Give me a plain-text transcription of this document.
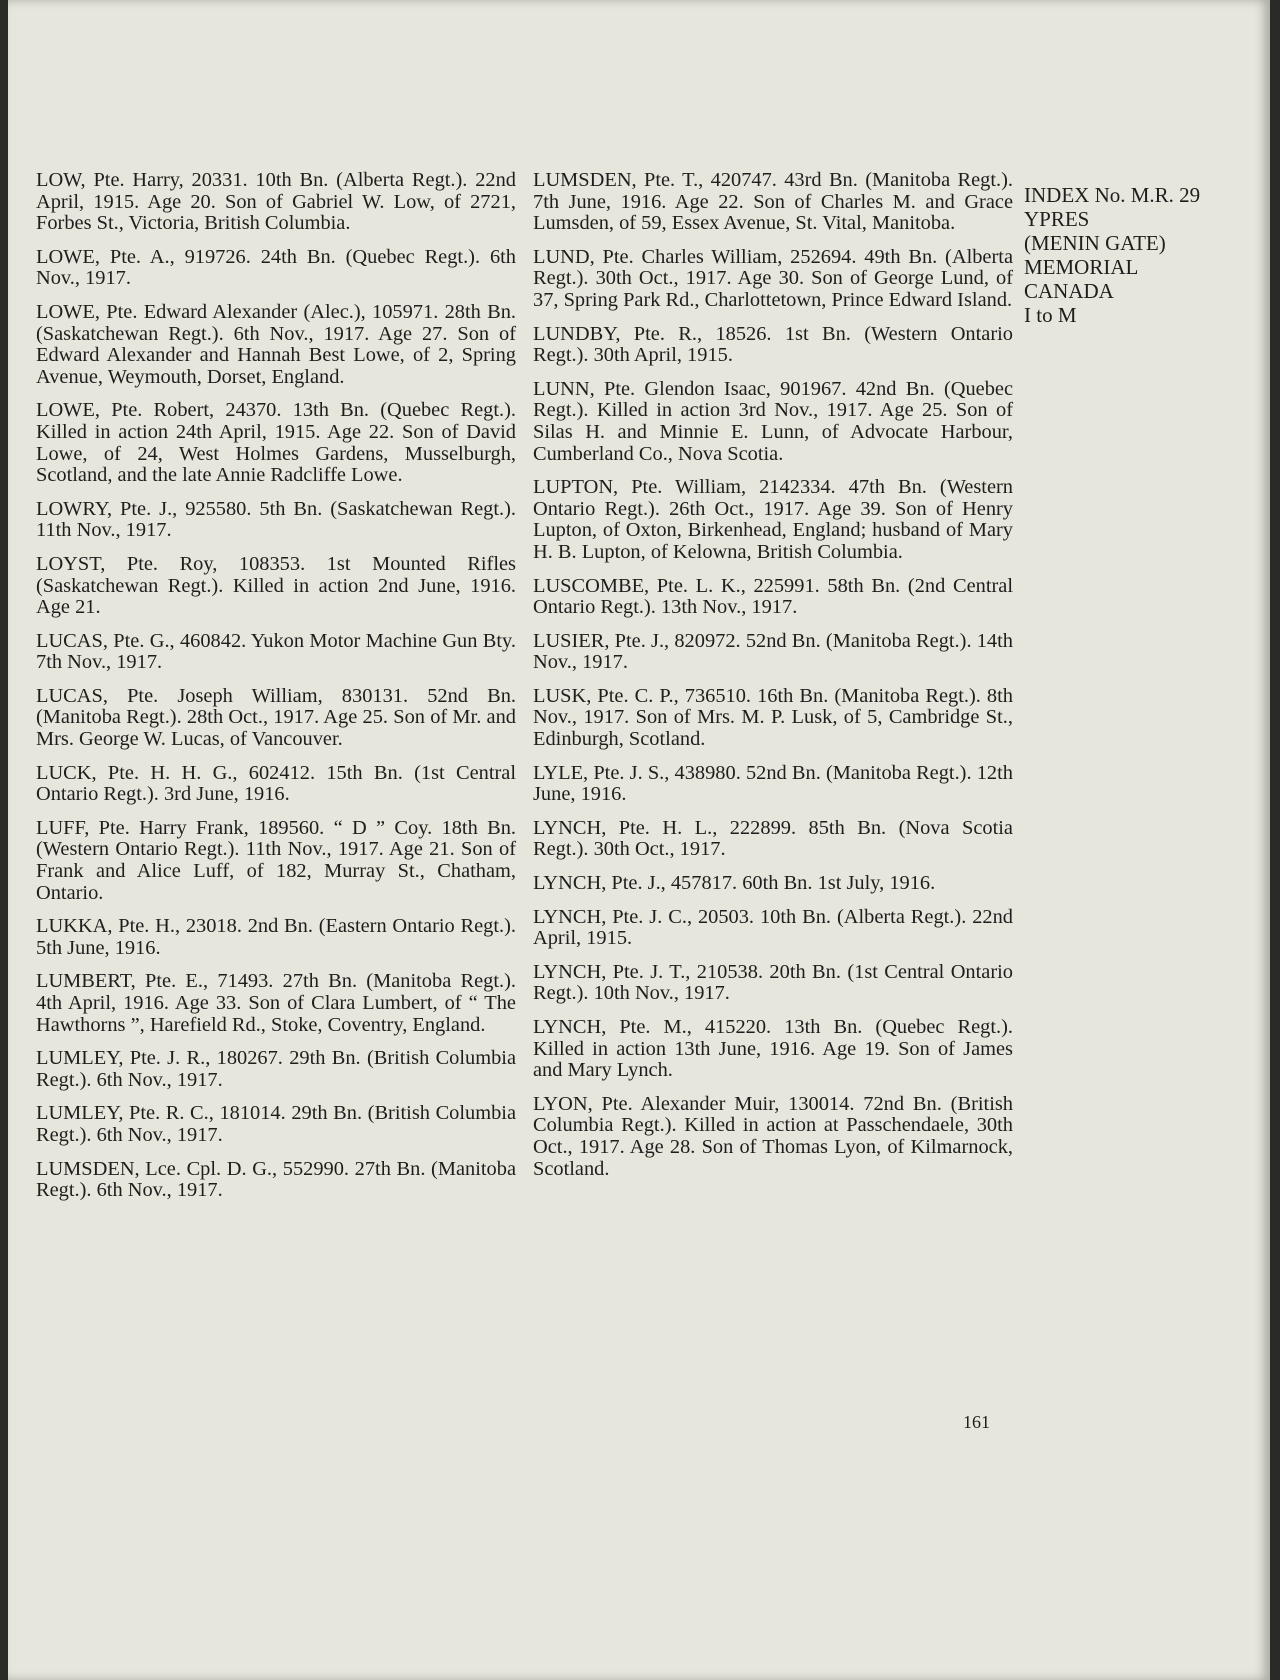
LOW, Pte. Harry, 20331. 10th Bn. (Alberta Regt.). 22nd April, 1915. Age 20. Son of Gabriel W. Low, of 2721, Forbes St., Victoria, British Columbia.

LOWE, Pte. A., 919726. 24th Bn. (Quebec Regt.). 6th Nov., 1917.

LOWE, Pte. Edward Alexander (Alec.), 105971. 28th Bn. (Saskatchewan Regt.). 6th Nov., 1917. Age 27. Son of Edward Alexander and Hannah Best Lowe, of 2, Spring Avenue, Weymouth, Dorset, England.

LOWE, Pte. Robert, 24370. 13th Bn. (Quebec Regt.). Killed in action 24th April, 1915. Age 22. Son of David Lowe, of 24, West Holmes Gardens, Musselburgh, Scotland, and the late Annie Radcliffe Lowe.

LOWRY, Pte. J., 925580. 5th Bn. (Saskatchewan Regt.). 11th Nov., 1917.

LOYST, Pte. Roy, 108353. 1st Mounted Rifles (Saskatchewan Regt.). Killed in action 2nd June, 1916. Age 21.

LUCAS, Pte. G., 460842. Yukon Motor Machine Gun Bty. 7th Nov., 1917.

LUCAS, Pte. Joseph William, 830131. 52nd Bn. (Manitoba Regt.). 28th Oct., 1917. Age 25. Son of Mr. and Mrs. George W. Lucas, of Vancouver.

LUCK, Pte. H. H. G., 602412. 15th Bn. (1st Central Ontario Regt.). 3rd June, 1916.

LUFF, Pte. Harry Frank, 189560. “ D ” Coy. 18th Bn. (Western Ontario Regt.). 11th Nov., 1917. Age 21. Son of Frank and Alice Luff, of 182, Murray St., Chatham, Ontario.

LUKKA, Pte. H., 23018. 2nd Bn. (Eastern Ontario Regt.). 5th June, 1916.

LUMBERT, Pte. E., 71493. 27th Bn. (Manitoba Regt.). 4th April, 1916. Age 33. Son of Clara Lumbert, of “ The Hawthorns ”, Harefield Rd., Stoke, Coventry, England.

LUMLEY, Pte. J. R., 180267. 29th Bn. (British Columbia Regt.). 6th Nov., 1917.

LUMLEY, Pte. R. C., 181014. 29th Bn. (British Columbia Regt.). 6th Nov., 1917.

LUMSDEN, Lce. Cpl. D. G., 552990. 27th Bn. (Manitoba Regt.). 6th Nov., 1917.

LUMSDEN, Pte. T., 420747. 43rd Bn. (Manitoba Regt.). 7th June, 1916. Age 22. Son of Charles M. and Grace Lumsden, of 59, Essex Avenue, St. Vital, Manitoba.

LUND, Pte. Charles William, 252694. 49th Bn. (Alberta Regt.). 30th Oct., 1917. Age 30. Son of George Lund, of 37, Spring Park Rd., Charlottetown, Prince Edward Island.

LUNDBY, Pte. R., 18526. 1st Bn. (Western Ontario Regt.). 30th April, 1915.

LUNN, Pte. Glendon Isaac, 901967. 42nd Bn. (Quebec Regt.). Killed in action 3rd Nov., 1917. Age 25. Son of Silas H. and Minnie E. Lunn, of Advocate Harbour, Cumberland Co., Nova Scotia.

LUPTON, Pte. William, 2142334. 47th Bn. (Western Ontario Regt.). 26th Oct., 1917. Age 39. Son of Henry Lupton, of Oxton, Birkenhead, England; husband of Mary H. B. Lupton, of Kelowna, British Columbia.

LUSCOMBE, Pte. L. K., 225991. 58th Bn. (2nd Central Ontario Regt.). 13th Nov., 1917.

LUSIER, Pte. J., 820972. 52nd Bn. (Manitoba Regt.). 14th Nov., 1917.

LUSK, Pte. C. P., 736510. 16th Bn. (Manitoba Regt.). 8th Nov., 1917. Son of Mrs. M. P. Lusk, of 5, Cambridge St., Edinburgh, Scotland.

LYLE, Pte. J. S., 438980. 52nd Bn. (Manitoba Regt.). 12th June, 1916.

LYNCH, Pte. H. L., 222899. 85th Bn. (Nova Scotia Regt.). 30th Oct., 1917.

LYNCH, Pte. J., 457817. 60th Bn. 1st July, 1916.

LYNCH, Pte. J. C., 20503. 10th Bn. (Alberta Regt.). 22nd April, 1915.

LYNCH, Pte. J. T., 210538. 20th Bn. (1st Central Ontario Regt.). 10th Nov., 1917.

LYNCH, Pte. M., 415220. 13th Bn. (Quebec Regt.). Killed in action 13th June, 1916. Age 19. Son of James and Mary Lynch.

LYON, Pte. Alexander Muir, 130014. 72nd Bn. (British Columbia Regt.). Killed in action at Passchendaele, 30th Oct., 1917. Age 28. Son of Thomas Lyon, of Kilmarnock, Scotland.

INDEX No. M.R. 29
YPRES
(MENIN GATE)
MEMORIAL
CANADA
I to M
161
